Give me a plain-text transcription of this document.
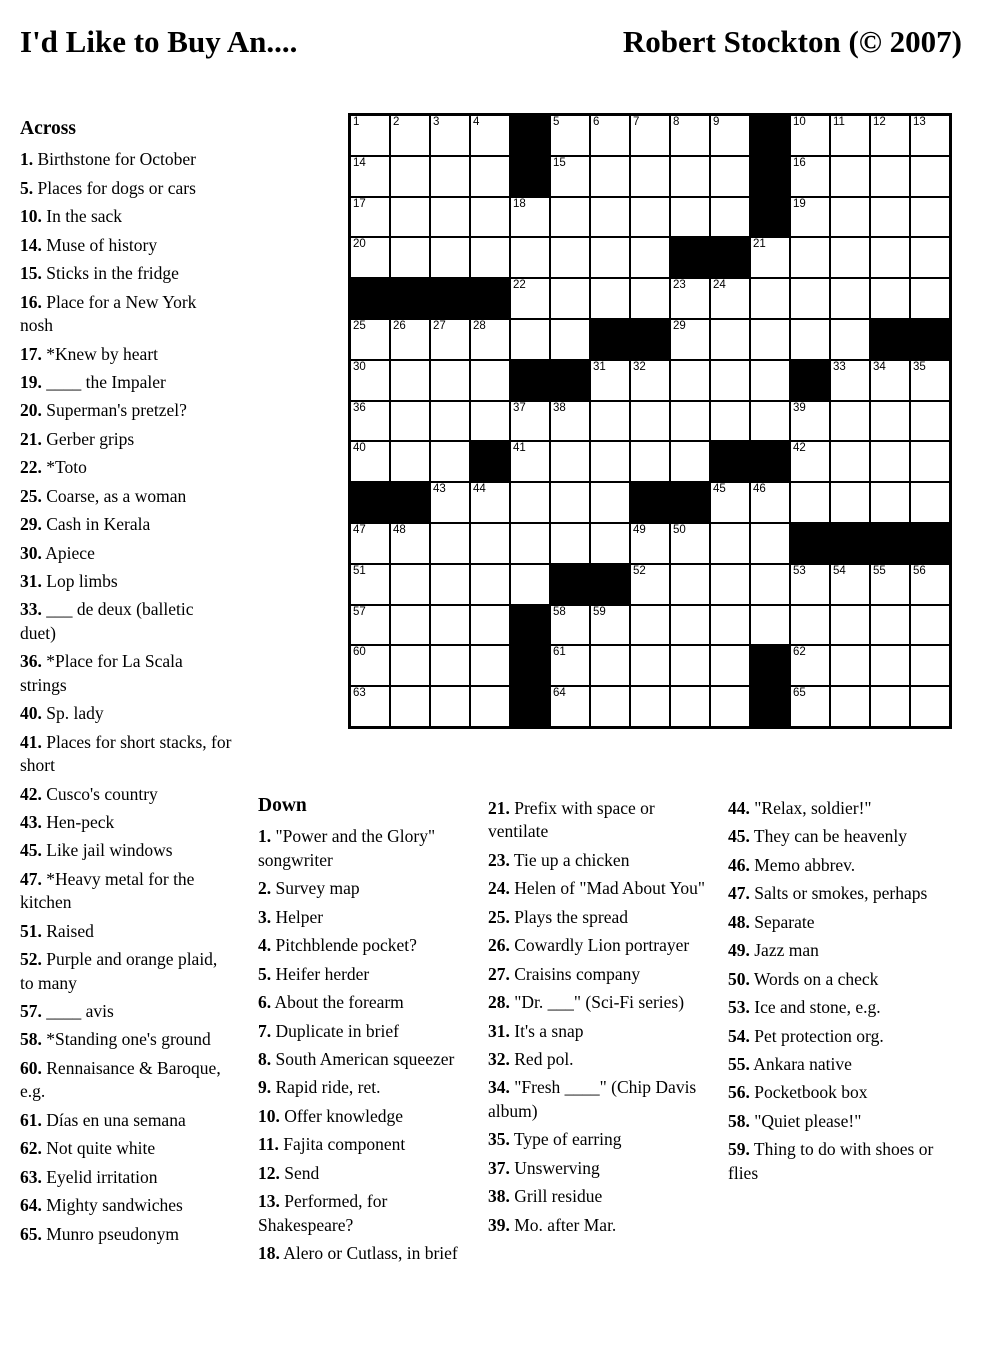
I'd Like to Buy An....	Robert Stockton (© 2007)
1	2	3	4	5	6	7	8	9	10 11 12 13
14	15	16
17	18	19
20	21
22	23 24
25 26 27 28	29
30	31 32	33 34 35
36	37 38	39
40	41	42
43 44	45 46
47 48	49 50
51	52	53 54 55 56
57	58 59
60	61	62
63	64	65
Across
1. Birthstone for October
5. Places for dogs or cars
10. In the sack
14. Muse of history
15. Sticks in the fridge
16. Place for a New York nosh
17. *Knew by heart
19. ____ the Impaler
20. Superman's pretzel?
21. Gerber grips
22. *Toto
25. Coarse, as a woman
29. Cash in Kerala
30. Apiece
31. Lop limbs
33. ___ de deux (balletic duet)
36. *Place for La Scala strings
40. Sp. lady
41. Places for short stacks, for short
42. Cusco's country
43. Hen-peck
45. Like jail windows
47. *Heavy metal for the kitchen
51. Raised
52. Purple and orange plaid, to many
57. ____ avis
58. *Standing one's ground
60. Rennaisance & Baroque, e.g.
61. Días en una semana
62. Not quite white
63. Eyelid irritation
64. Mighty sandwiches
65. Munro pseudonym
Down
1. "Power and the Glory" songwriter
2. Survey map
3. Helper
4. Pitchblende pocket?
5. Heifer herder
6. About the forearm
7. Duplicate in brief
8. South American squeezer
9. Rapid ride, ret.
10. Offer knowledge
11. Fajita component
12. Send
13. Performed, for Shakespeare?
18. Alero or Cutlass, in brief
21. Prefix with space or ventilate
23. Tie up a chicken
24. Helen of "Mad About You"
25. Plays the spread
26. Cowardly Lion portrayer
27. Craisins company
28. "Dr. ___" (Sci-Fi series)
31. It's a snap
32. Red pol.
34. "Fresh ____" (Chip Davis album)
35. Type of earring
37. Unswerving
38. Grill residue
39. Mo. after Mar.
44. "Relax, soldier!"
45. They can be heavenly
46. Memo abbrev.
47. Salts or smokes, perhaps
48. Separate
49. Jazz man
50. Words on a check
53. Ice and stone, e.g.
54. Pet protection org.
55. Ankara native
56. Pocketbook box
58. "Quiet please!"
59. Thing to do with shoes or flies
